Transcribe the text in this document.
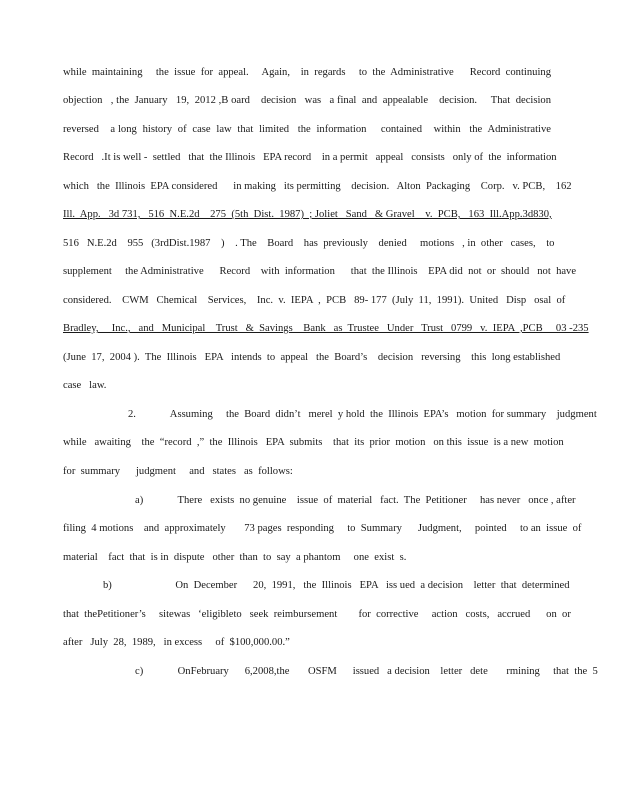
while  maintaining     the  issue  for  appeal.     Again,    in  regards     to  the  Administrative      Record  continuing
objection   , the  January   19,  2012 ,B oard    decision   was   a final  and  appealable    decision.     That  decision
reversed    a long  history  of  case  law  that  limited   the  information     contained    within   the  Administrative
Record   .It is well -  settled   that  the Illinois   EPA record    in a permit   appeal   consists   only of  the  information
which   the  Illinois  EPA considered      in making   its permitting    decision.   Alton  Packaging    Corp.   v. PCB,    162
Ill.  App.   3d 731,   516  N.E.2d    275  (5th  Dist.  1987)  ; Joliet   Sand   & Gravel    v.  PCB,   163  Ill.App.3d830,
516   N.E.2d    955   (3rdDist.1987    )    . The    Board    has  previously    denied     motions   , in  other   cases,    to
supplement     the Administrative      Record    with  information      that  the Illinois    EPA did  not  or  should   not  have
considered.    CWM   Chemical    Services,    Inc.  v.  IEPA  ,  PCB   89- 177  (July  11,  1991).  United   Disp   osal  of
Bradley,     Inc.,   and   Municipal    Trust   &  Savings    Bank   as  Trustee   Under   Trust   0799   v.  IEPA  ,PCB     03 -235
(June  17,  2004 ).  The  Illinois   EPA   intends  to  appeal   the  Board’s    decision   reversing    this  long established
case   law.
2.             Assuming     the  Board  didn’t   merel  y hold  the  Illinois  EPA’s   motion  for summary    judgment
while   awaiting    the  “record  ,”  the  Illinois   EPA  submits    that  its  prior  motion   on this  issue  is a new  motion
for  summary      judgment     and   states   as  follows:
a)             There   exists  no genuine    issue  of  material   fact.  The  Petitioner     has never   once , after
filing  4 motions    and  approximately       73 pages  responding     to  Summary      Judgment,     pointed     to an  issue  of
material    fact  that  is in  dispute   other  than  to  say  a phantom     one  exist  s.
b)                        On  December      20,  1991,   the  Illinois   EPA   iss ued  a decision    letter  that  determined
that  thePetitioner’s     sitewas   ‘eligibleto   seek  reimbursement        for  corrective     action   costs,   accrued      on  or
after   July  28,  1989,   in excess     of  $100,000.00.”
c)             OnFebruary      6,2008,the       OSFM      issued   a decision    letter   dete       rmining     that  the  5
